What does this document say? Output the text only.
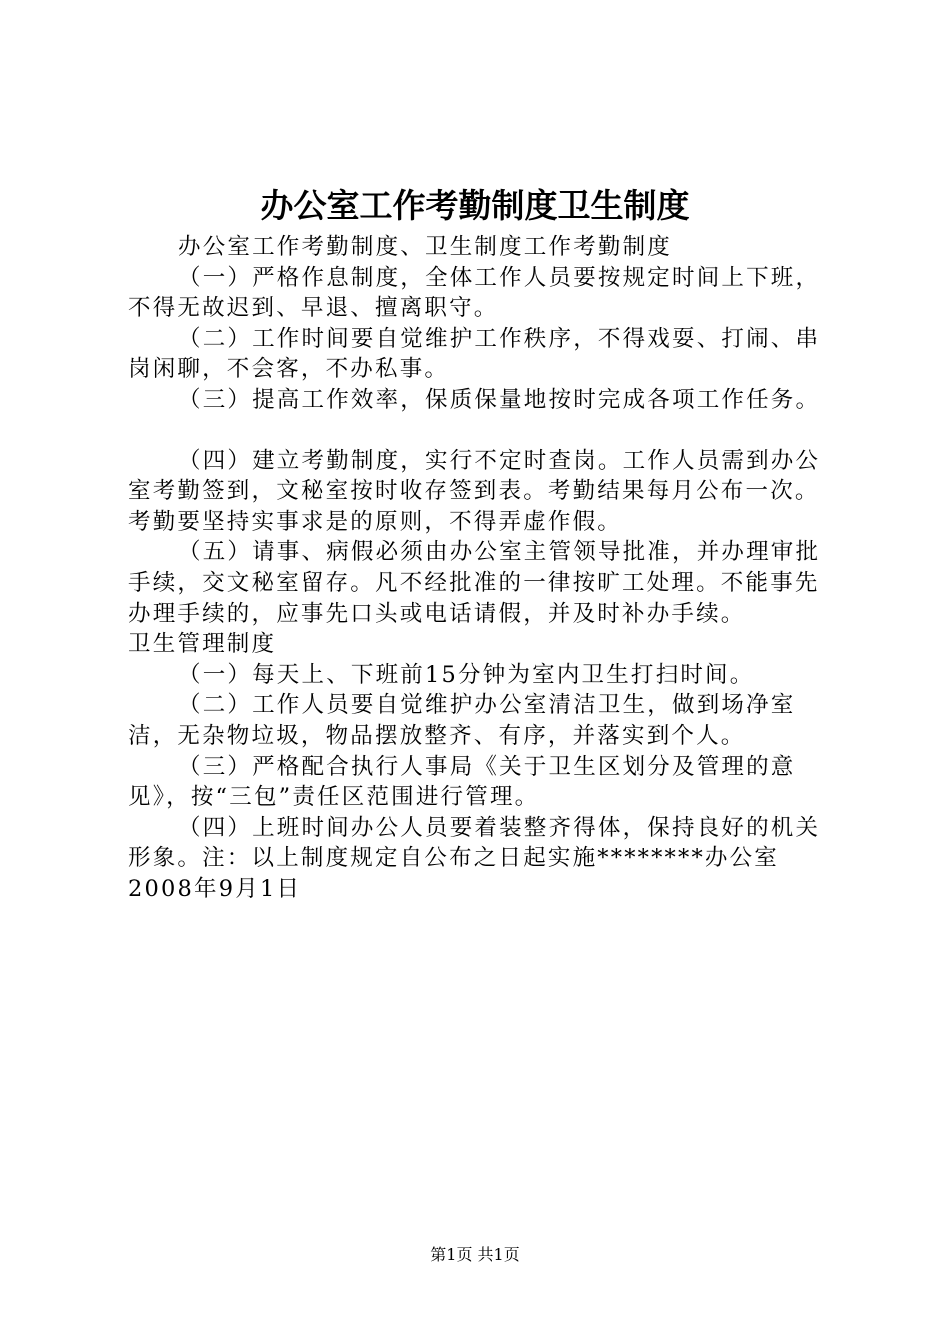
办公室工作考勤制度卫生制度

办公室工作考勤制度、卫生制度工作考勤制度

（一）严格作息制度，全体工作人员要按规定时间上下班，不得无故迟到、早退、擅离职守。

（二）工作时间要自觉维护工作秩序，不得戏耍、打闹、串岗闲聊，不会客，不办私事。

（三）提高工作效率，保质保量地按时完成各项工作任务。

（四）建立考勤制度，实行不定时查岗。工作人员需到办公室考勤签到，文秘室按时收存签到表。考勤结果每月公布一次。考勤要坚持实事求是的原则，不得弄虚作假。

（五）请事、病假必须由办公室主管领导批准，并办理审批手续，交文秘室留存。凡不经批准的一律按旷工处理。不能事先办理手续的，应事先口头或电话请假，并及时补办手续。

卫生管理制度

（一）每天上、下班前15分钟为室内卫生打扫时间。

（二）工作人员要自觉维护办公室清洁卫生，做到场净室洁，无杂物垃圾，物品摆放整齐、有序，并落实到个人。

（三）严格配合执行人事局《关于卫生区划分及管理的意见》，按“三包”责任区范围进行管理。

（四）上班时间办公人员要着装整齐得体，保持良好的机关形象。注：以上制度规定自公布之日起实施********办公室

2008年9月1日

第1页 共1页
